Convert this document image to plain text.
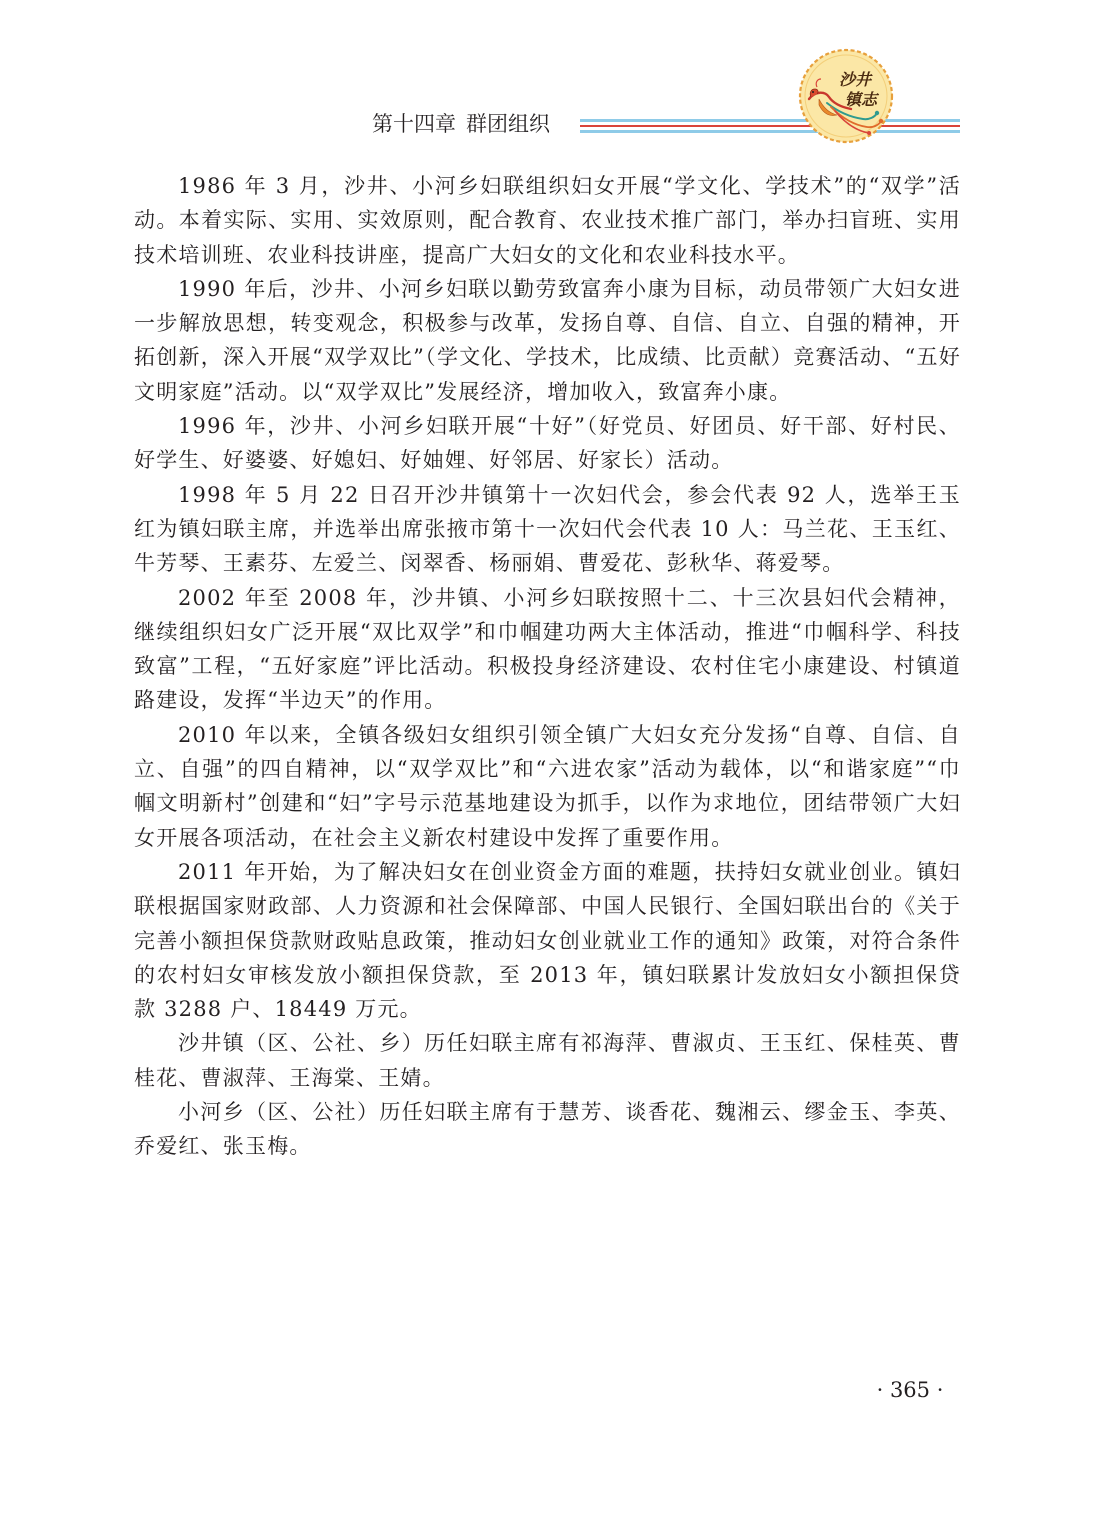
第十四章 群团组织
沙井
镇志

1986 年 3 月，沙井、小河乡妇联组织妇女开展“学文化、学技术”的“双学”活动。本着实际、实用、实效原则，配合教育、农业技术推广部门，举办扫盲班、实用技术培训班、农业科技讲座，提高广大妇女的文化和农业科技水平。

1990 年后，沙井、小河乡妇联以勤劳致富奔小康为目标，动员带领广大妇女进一步解放思想，转变观念，积极参与改革，发扬自尊、自信、自立、自强的精神，开拓创新，深入开展“双学双比”（学文化、学技术，比成绩、比贡献）竞赛活动、“五好文明家庭”活动。以“双学双比”发展经济，增加收入，致富奔小康。

1996 年，沙井、小河乡妇联开展“十好”（好党员、好团员、好干部、好村民、好学生、好婆婆、好媳妇、好妯娌、好邻居、好家长）活动。

1998 年 5 月 22 日召开沙井镇第十一次妇代会，参会代表 92 人，选举王玉红为镇妇联主席，并选举出席张掖市第十一次妇代会代表 10 人：马兰花、王玉红、牛芳琴、王素芬、左爱兰、闵翠香、杨丽娟、曹爱花、彭秋华、蒋爱琴。

2002 年至 2008 年，沙井镇、小河乡妇联按照十二、十三次县妇代会精神，继续组织妇女广泛开展“双比双学”和巾帼建功两大主体活动，推进“巾帼科学、科技致富”工程，“五好家庭”评比活动。积极投身经济建设、农村住宅小康建设、村镇道路建设，发挥“半边天”的作用。

2010 年以来，全镇各级妇女组织引领全镇广大妇女充分发扬“自尊、自信、自立、自强”的四自精神，以“双学双比”和“六进农家”活动为载体，以“和谐家庭”“巾帼文明新村”创建和“妇”字号示范基地建设为抓手，以作为求地位，团结带领广大妇女开展各项活动，在社会主义新农村建设中发挥了重要作用。

2011 年开始，为了解决妇女在创业资金方面的难题，扶持妇女就业创业。镇妇联根据国家财政部、人力资源和社会保障部、中国人民银行、全国妇联出台的《关于完善小额担保贷款财政贴息政策，推动妇女创业就业工作的通知》政策，对符合条件的农村妇女审核发放小额担保贷款，至 2013 年，镇妇联累计发放妇女小额担保贷款 3288 户、18449 万元。

沙井镇（区、公社、乡）历任妇联主席有祁海萍、曹淑贞、王玉红、保桂英、曹桂花、曹淑萍、王海棠、王婧。

小河乡（区、公社）历任妇联主席有于慧芳、谈香花、魏湘云、缪金玉、李英、乔爱红、张玉梅。

· 365 ·
